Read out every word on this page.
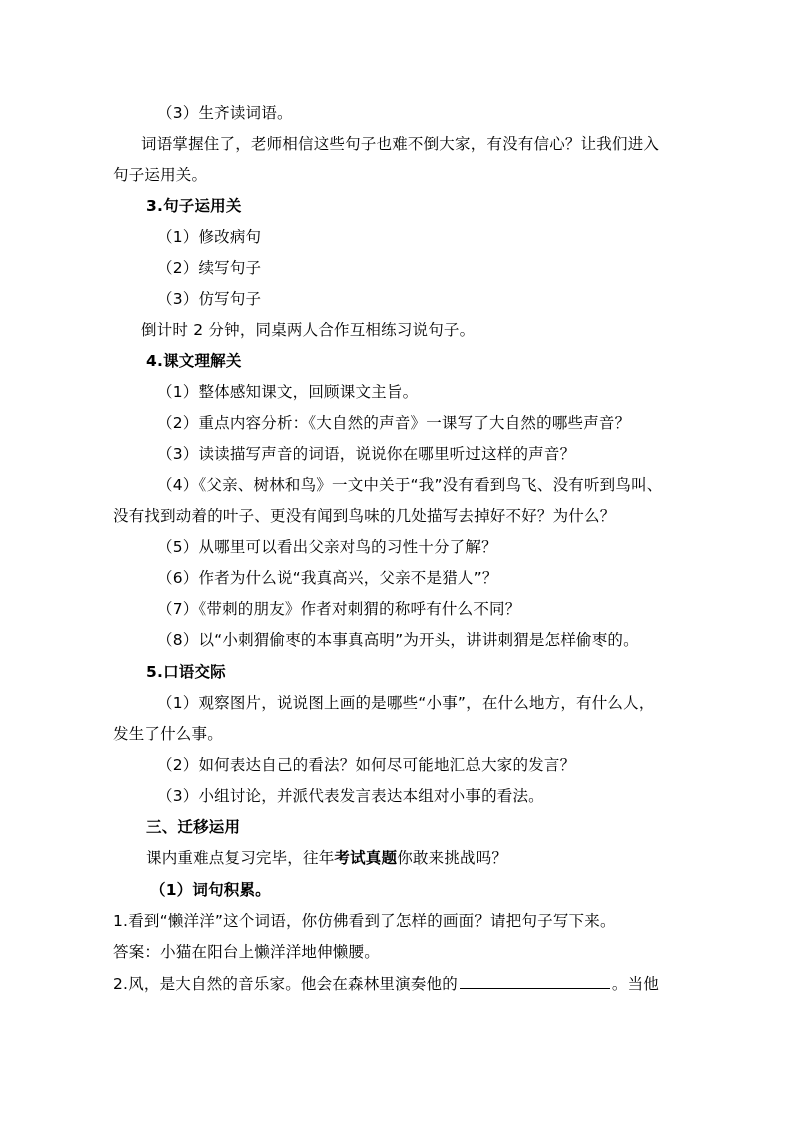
（3）生齐读词语。
词语掌握住了，老师相信这些句子也难不倒大家，有没有信心？让我们进入
句子运用关。
3.句子运用关
（1）修改病句
（2）续写句子
（3）仿写句子
倒计时 2 分钟，同桌两人合作互相练习说句子。
4.课文理解关
（1）整体感知课文，回顾课文主旨。
（2）重点内容分析：《大自然的声音》一课写了大自然的哪些声音？
（3）读读描写声音的词语，说说你在哪里听过这样的声音？
（4）《父亲、树林和鸟》一文中关于“我”没有看到鸟飞、没有听到鸟叫、
没有找到动着的叶子、更没有闻到鸟味的几处描写去掉好不好？为什么？
（5）从哪里可以看出父亲对鸟的习性十分了解？
（6）作者为什么说“我真高兴，父亲不是猎人”？
（7）《带刺的朋友》作者对刺猬的称呼有什么不同？
（8）以“小刺猬偷枣的本事真高明”为开头，讲讲刺猬是怎样偷枣的。
5.口语交际
（1）观察图片，说说图上画的是哪些“小事”，在什么地方，有什么人，
发生了什么事。
（2）如何表达自己的看法？如何尽可能地汇总大家的发言？
（3）小组讨论，并派代表发言表达本组对小事的看法。
三、迁移运用
课内重难点复习完毕，往年考试真题你敢来挑战吗？
（1）词句积累。
1.看到“懒洋洋”这个词语，你仿佛看到了怎样的画面？请把句子写下来。
答案：小猫在阳台上懒洋洋地伸懒腰。
2.风，是大自然的音乐家。他会在森林里演奏他的	。当他
